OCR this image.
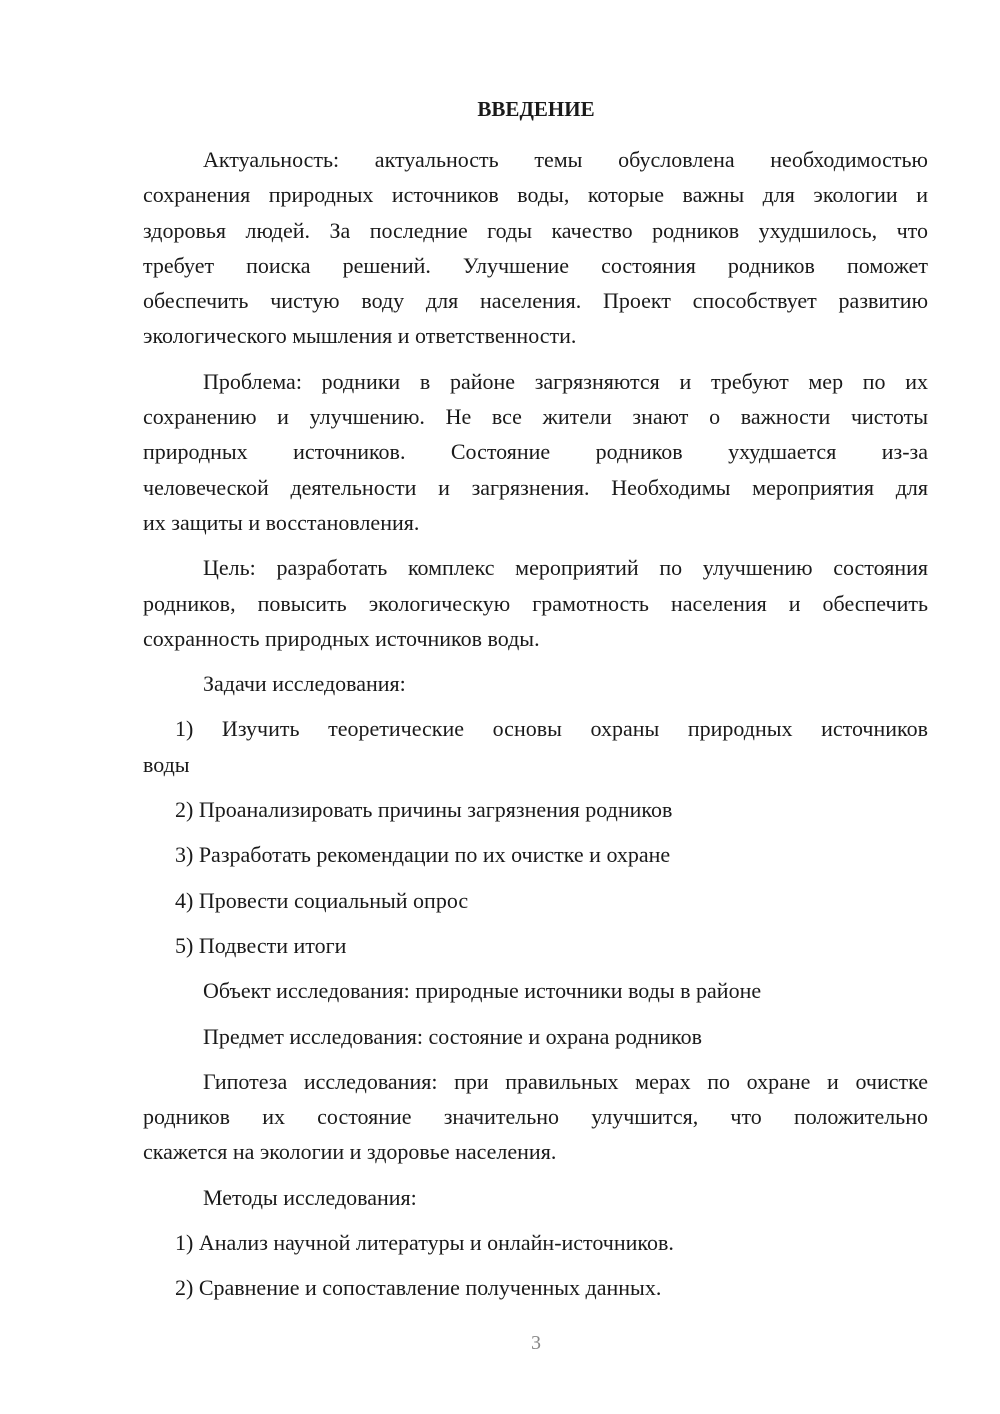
ВВЕДЕНИЕ
Актуальность: актуальность темы обусловлена необходимостью
сохранения природных источников воды, которые важны для экологии и
здоровья людей. За последние годы качество родников ухудшилось, что
требует поиска решений. Улучшение состояния родников поможет
обеспечить чистую воду для населения. Проект способствует развитию
экологического мышления и ответственности.
Проблема: родники в районе загрязняются и требуют мер по их
сохранению и улучшению. Не все жители знают о важности чистоты
природных источников. Состояние родников ухудшается из-за
человеческой деятельности и загрязнения. Необходимы мероприятия для
их защиты и восстановления.
Цель: разработать комплекс мероприятий по улучшению состояния
родников, повысить экологическую грамотность населения и обеспечить
сохранность природных источников воды.
Задачи исследования:
1) Изучить теоретические основы охраны природных источников
воды
2) Проанализировать причины загрязнения родников
3) Разработать рекомендации по их очистке и охране
4) Провести социальный опрос
5) Подвести итоги
Объект исследования: природные источники воды в районе
Предмет исследования: состояние и охрана родников
Гипотеза исследования: при правильных мерах по охране и очистке
родников их состояние значительно улучшится, что положительно
скажется на экологии и здоровье населения.
Методы исследования:
1) Анализ научной литературы и онлайн-источников.
2) Сравнение и сопоставление полученных данных.
3
